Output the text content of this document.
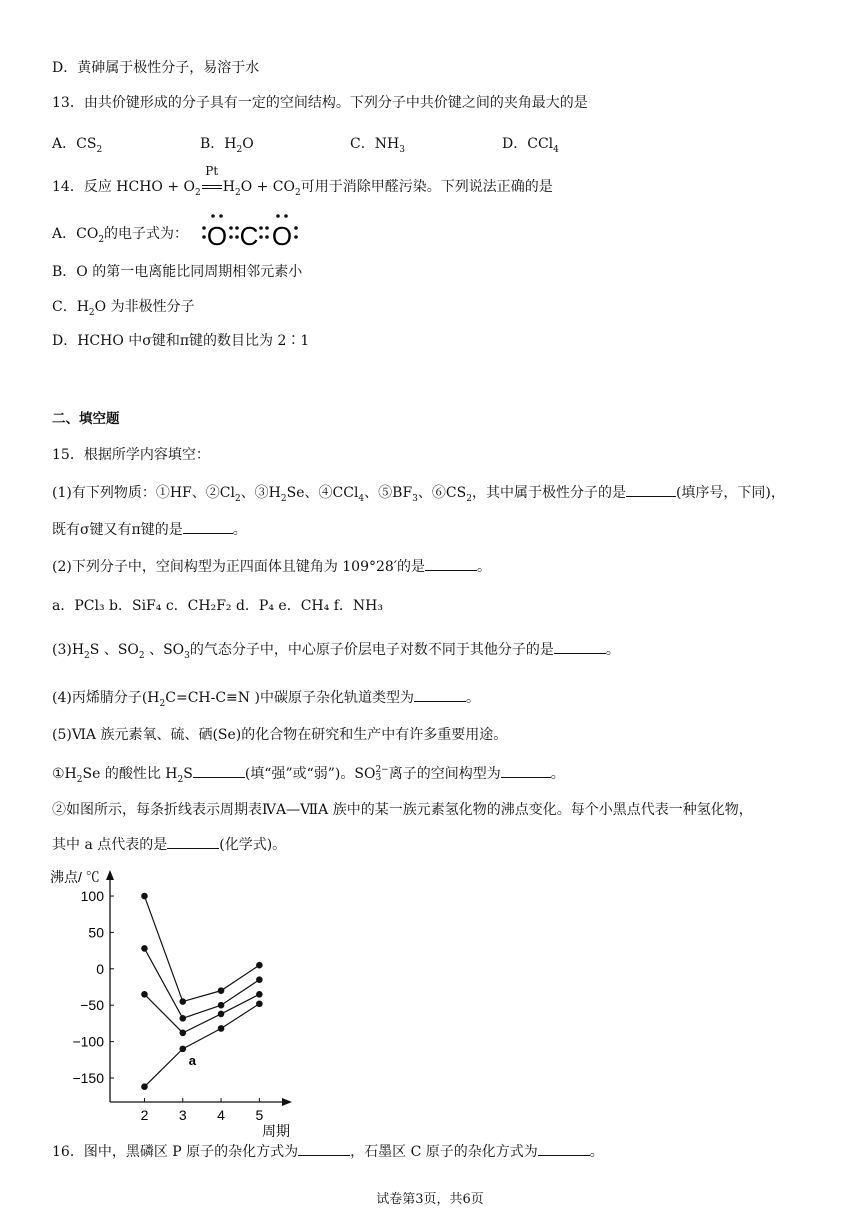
D．黄砷属于极性分子，易溶于水
13．由共价键形成的分子具有一定的空间结构。下列分子中共价键之间的夹角最大的是
A．$CS_2$	B．$H_2O$	C．$NH_3$	D．CCl$_4$
14．反应 HCHO + $O_2$
Pt
$H_2O + CO_2$可用于消除甲醛污染。下列说法正确的是
A．$CO_2$的电子式为： O C O
B．O 的第一电离能比同周期相邻元素小
C．$H_2O$ 为非极性分子
D．HCHO 中σ键和π键的数目比为 2∶1
二、填空题
15．根据所学内容填空：
(1)有下列物质：①HF、$②Cl_2$、$③H_2Se$、④CCl$_4$、$⑤BF_3$、$⑥CS_2$，其中属于极性分子的是	(填序号，下同)，
既有σ键又有π键的是	。
(2)下列分子中，空间构型为正四面体且键角为 109°28′的是	。
a．PCl₃ b．SiF₄ c．CH₂F₂ d．P₄ e．CH₄ f．NH₃
$(3)H_2S$ 、$SO_2$ 、$SO_3$的气态分子中，中心原子价层电子对数不同于其他分子的是	。
(4)丙烯腈分子($H_2C=CH-C\equiv N$ )中碳原子杂化轨道类型为	。
(5)ⅥA 族元素氧、硫、硒(Se)的化合物在研究和生产中有许多重要用途。
$①H_2Se$ 的酸性比 $H_2S$	(填“强”或“弱”)。SO 2−
3 离子的空间构型为	。
②如图所示，每条折线表示周期表ⅣA—ⅦA 族中的某一族元素氢化物的沸点变化。每个小黑点代表一种氢化物，
其中 a 点代表的是	(化学式)。
100
50
0
−50
−100
−150
2 3 4 5
沸点/ ℃
周期
a
16．图中，黑磷区 P 原子的杂化方式为	，石墨区 C 原子的杂化方式为	。
试卷第3页，共6页
